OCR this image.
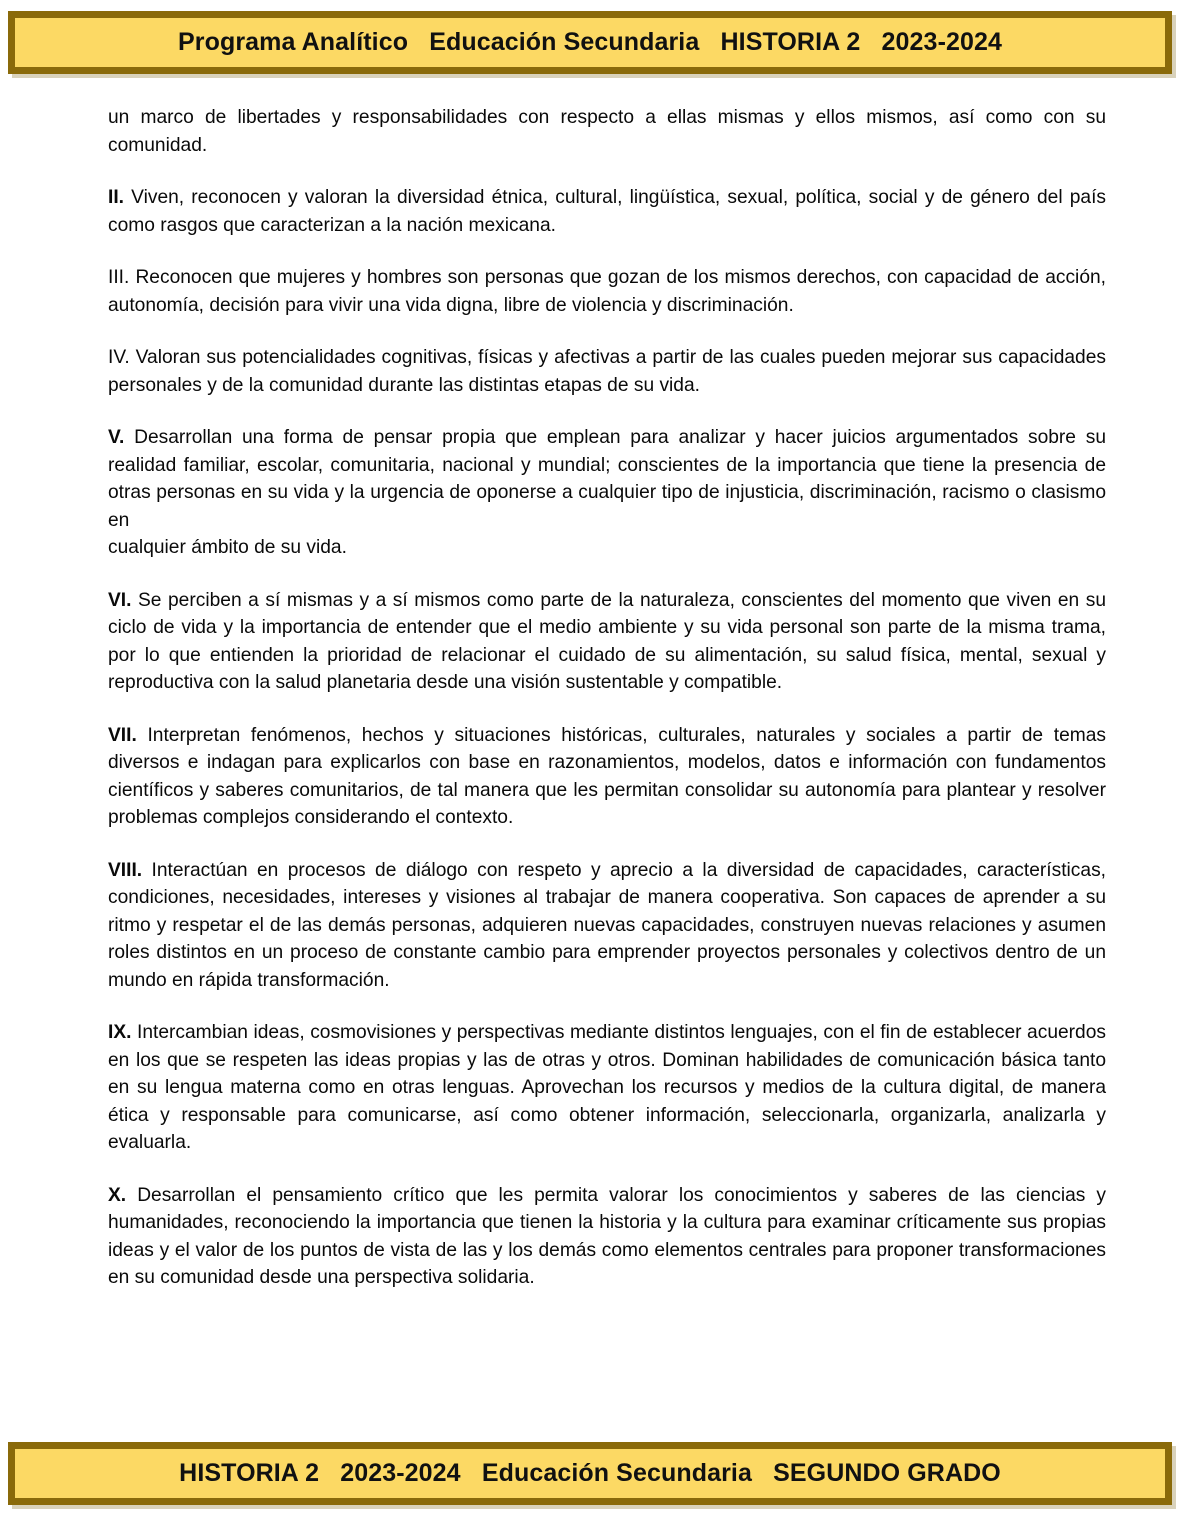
Programa Analítico   Educación Secundaria   HISTORIA 2   2023-2024

un marco de libertades y responsabilidades con respecto a ellas mismas y ellos mismos, así como con su comunidad.

II. Viven, reconocen y valoran la diversidad étnica, cultural, lingüística, sexual, política, social y de género del país como rasgos que caracterizan a la nación mexicana.

III. Reconocen que mujeres y hombres son personas que gozan de los mismos derechos, con capacidad de acción, autonomía, decisión para vivir una vida digna, libre de violencia y discriminación.

IV. Valoran sus potencialidades cognitivas, físicas y afectivas a partir de las cuales pueden mejorar sus capacidades personales y de la comunidad durante las distintas etapas de su vida.

V. Desarrollan una forma de pensar propia que emplean para analizar y hacer juicios argumentados sobre su realidad familiar, escolar, comunitaria, nacional y mundial; conscientes de la importancia que tiene la presencia de otras personas en su vida y la urgencia de oponerse a cualquier tipo de injusticia, discriminación, racismo o clasismo en
cualquier ámbito de su vida.

VI. Se perciben a sí mismas y a sí mismos como parte de la naturaleza, conscientes del momento que viven en su ciclo de vida y la importancia de entender que el medio ambiente y su vida personal son parte de la misma trama, por lo que entienden la prioridad de relacionar el cuidado de su alimentación, su salud física, mental, sexual y reproductiva con la salud planetaria desde una visión sustentable y compatible.

VII. Interpretan fenómenos, hechos y situaciones históricas, culturales, naturales y sociales a partir de temas diversos e indagan para explicarlos con base en razonamientos, modelos, datos e información con fundamentos científicos y saberes comunitarios, de tal manera que les permitan consolidar su autonomía para plantear y resolver problemas complejos considerando el contexto.

VIII. Interactúan en procesos de diálogo con respeto y aprecio a la diversidad de capacidades, características, condiciones, necesidades, intereses y visiones al trabajar de manera cooperativa. Son capaces de aprender a su ritmo y respetar el de las demás personas, adquieren nuevas capacidades, construyen nuevas relaciones y asumen roles distintos en un proceso de constante cambio para emprender proyectos personales y colectivos dentro de un mundo en rápida transformación.

IX. Intercambian ideas, cosmovisiones y perspectivas mediante distintos lenguajes, con el fin de establecer acuerdos en los que se respeten las ideas propias y las de otras y otros. Dominan habilidades de comunicación básica tanto en su lengua materna como en otras lenguas. Aprovechan los recursos y medios de la cultura digital, de manera ética y responsable para comunicarse, así como obtener información, seleccionarla, organizarla, analizarla y evaluarla.

X. Desarrollan el pensamiento crítico que les permita valorar los conocimientos y saberes de las ciencias y humanidades, reconociendo la importancia que tienen la historia y la cultura para examinar críticamente sus propias ideas y el valor de los puntos de vista de las y los demás como elementos centrales para proponer transformaciones en su comunidad desde una perspectiva solidaria.

HISTORIA 2   2023-2024   Educación Secundaria   SEGUNDO GRADO
